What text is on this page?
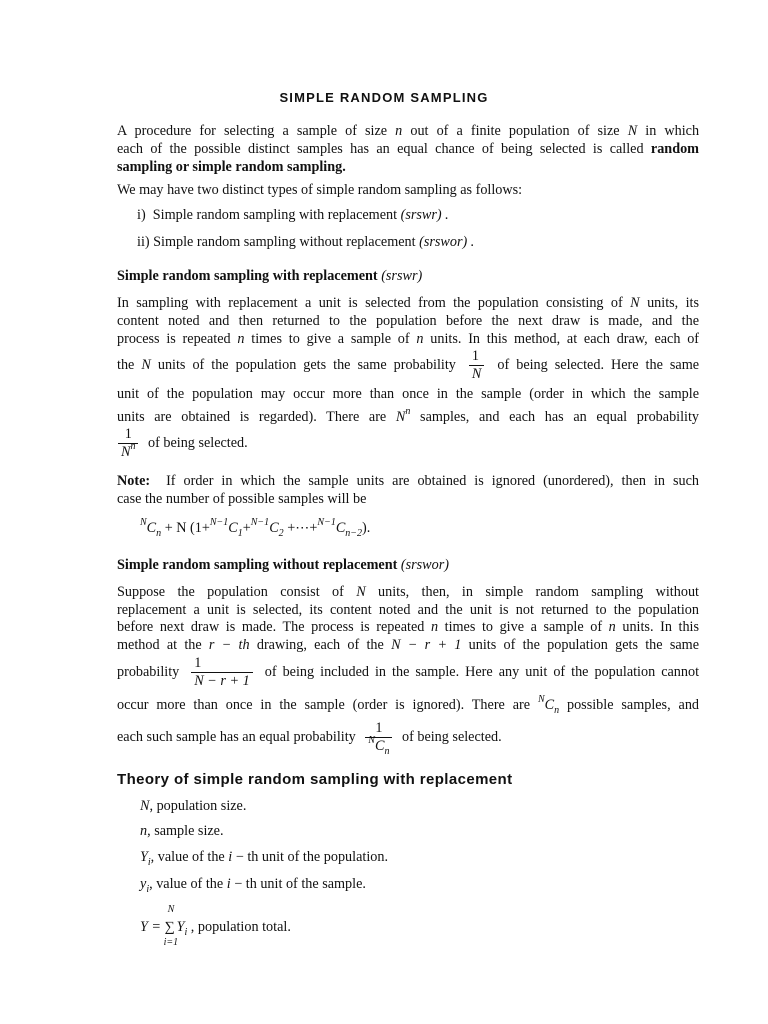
SIMPLE RANDOM SAMPLING
A procedure for selecting a sample of size n out of a finite population of size N in which
each of the possible distinct samples has an equal chance of being selected is called random
sampling or simple random sampling.
We may have two distinct types of simple random sampling as follows:
i) Simple random sampling with replacement (srswr) .
ii) Simple random sampling without replacement (srswor) .
Simple random sampling with replacement (srswr)
In sampling with replacement a unit is selected from the population consisting of N units, its
content noted and then returned to the population before the next draw is made, and the
process is repeated n times to give a sample of n units. In this method, at each draw, each of
the N units of the population gets the same probability $\frac{1}{N}$ of being selected. Here the same
unit of the population may occur more than once in the sample (order in which the sample
units are obtained is regarded). There are $N^n$ samples, and each has an equal probability
$\frac{1}{N^n}$ of being selected.
Note: If order in which the sample units are obtained is ignored (unordered), then in such
case the number of possible samples will be
$^NC_n + N$ ($1+^{N-1}C_1+^{N-1}C_2$ $+\cdots+^{N-1}C_{n-2}$).
Simple random sampling without replacement (srswor)
Suppose the population consist of N units, then, in simple random sampling without
replacement a unit is selected, its content noted and the unit is not returned to the population
before next draw is made. The process is repeated n times to give a sample of n units. In this
method at the r − th drawing, each of the N − r + 1 units of the population gets the same
probability $\frac{1}{N - r + 1}$ of being included in the sample. Here any unit of the population cannot
occur more than once in the sample (order is ignored). There are $^NC_n$ possible samples, and
each such sample has an equal probability $\frac{1}{^NC_n}$ of being selected.
Theory of simple random sampling with replacement
N, population size.
n, sample size.
$Y_i$, value of the i − th unit of the population.
$y_i$, value of the i − th unit of the sample.
Y =
N
∑
i=1
$Y_i$ , population total.
